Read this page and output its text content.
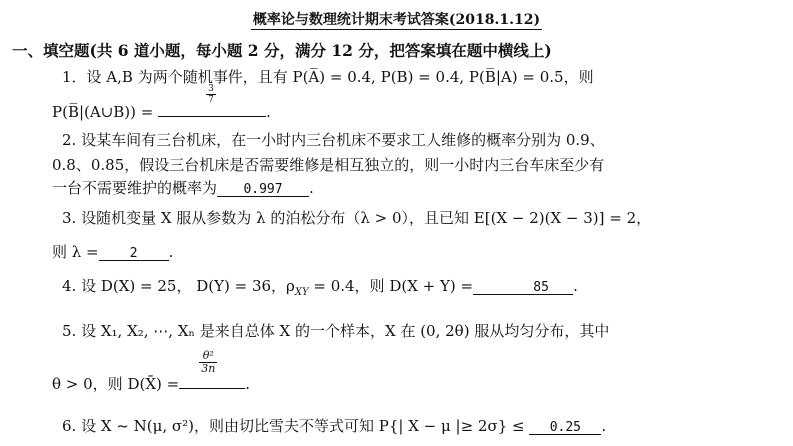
概率论与数理统计期末考试答案(2018.1.12)
一、填空题(共 6 道小题，每小题 2 分，满分 12 分，把答案填在题中横线上)
1．设 A,B 为两个随机事件，且有 P(A̅) = 0.4, P(B) = 0.4, P(B̅|A) = 0.5，则
P(B̅|(A∪B)) =
$\frac{3}{7}$
.
2. 设某车间有三台机床，在一小时内三台机床不要求工人维修的概率分别为 0.9、
0.8、0.85，假设三台机床是否需要维修是相互独立的，则一小时内三台车床至少有
一台不需要维护的概率为 0.997 .
3. 设随机变量 X 服从参数为 λ 的泊松分布（λ > 0），且已知 E[(X − 2)(X − 3)] = 2，
则 λ = 2 .
4. 设 D(X) = 25， D(Y) = 36，$\rho_{XY} = 0.4$，则 D(X + Y) =	85 .
5. 设 X₁, X₂, ⋯, Xₙ 是来自总体 X 的一个样本，X 在 (0, 2θ) 服从均匀分布，其中
θ > 0，则 D(X̄) =
$\frac{\text{θ²}}{3n}$
.
6. 设 X ~ N(μ, σ²)，则由切比雪夫不等式可知 P{| X − μ |≥ 2σ} ≤ 0.25 .
